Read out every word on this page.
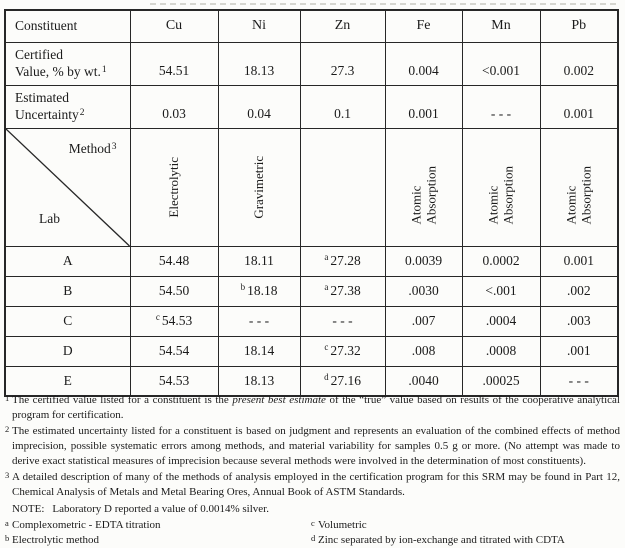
Constituent	Cu	Ni	Zn	Fe	Mn	Pb

Certified
Value, % by wt.$^1$	54.51	18.13	27.3	0.004	<0.001	0.002

Estimated
Uncertainty$^2$	0.03	0.04	0.1	0.001	- - -	0.001

Method$^3$
Lab	Electrolytic	Gravimetric		Atomic Absorption	Atomic Absorption	Atomic Absorption

A	54.48	18.11	$^a$ 27.28	0.0039	0.0002	0.001
B	54.50	$^b$ 18.18	$^a$ 27.38	.0030	<.001	.002
C	$^c$ 54.53	- - -	- - -	.007	.0004	.003
D	54.54	18.14	$^c$ 27.32	.008	.0008	.001
E	54.53	18.13	$^d$ 27.16	.0040	.00025	- - -
1 The certified value listed for a constituent is the present best estimate of the “true” value based on results of the cooperative analytical program for certification.
2 The estimated uncertainty listed for a constituent is based on judgment and represents an evaluation of the combined effects of method imprecision, possible systematic errors among methods, and material variability for samples 0.5 g or more. (No attempt was made to derive exact statistical measures of imprecision because several methods were involved in the determination of most constituents).
3 A detailed description of many of the methods of analysis employed in the certification program for this SRM may be found in Part 12, Chemical Analysis of Metals and Metal Bearing Ores, Annual Book of ASTM Standards.
NOTE: Laboratory D reported a value of 0.0014% silver.
a Complexometric - EDTA titration	c Volumetric
b Electrolytic method	d Zinc separated by ion-exchange and titrated with CDTA
